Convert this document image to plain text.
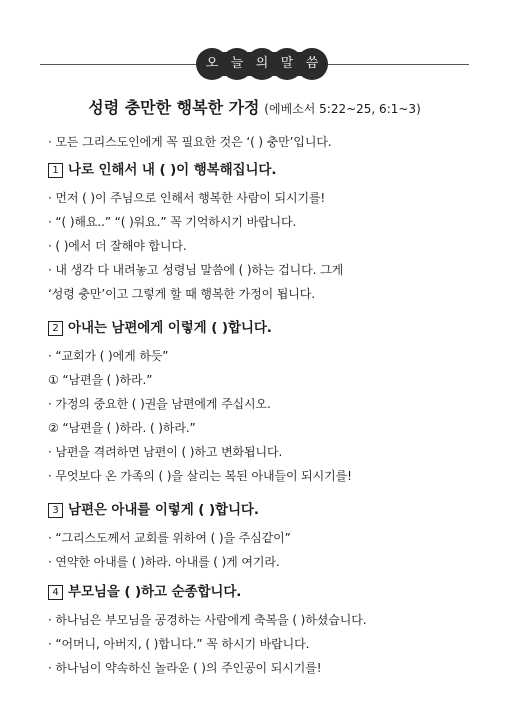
오 늘 의 말 씀
성령 충만한 행복한 가정 (에베소서 5:22~25, 6:1~3)
· 모든 그리스도인에게 꼭 필요한 것은 ‘( ) 충만’입니다.
1 나로 인해서 내 ( )이 행복해집니다.
· 먼저 ( )이 주님으로 인해서 행복한 사람이 되시기를!
· “( )해요..” “( )워요.” 꼭 기억하시기 바랍니다.
· ( )에서 더 잘해야 합니다.
· 내 생각 다 내려놓고 성령님 말씀에 ( )하는 겁니다. 그게
‘성령 충만’이고 그렇게 할 때 행복한 가정이 됩니다.
2 아내는 남편에게 이렇게 ( )합니다.
· “교회가 ( )에게 하듯”
① “남편을 ( )하라.”
· 가정의 중요한 ( )권을 남편에게 주십시오.
② “남편을 ( )하라. ( )하라.”
· 남편을 격려하면 남편이 ( )하고 변화됩니다.
· 무엇보다 온 가족의 ( )을 살리는 복된 아내들이 되시기를!
3 남편은 아내를 이렇게 ( )합니다.
· “그리스도께서 교회를 위하여 ( )을 주심같이”
· 연약한 아내를 ( )하라. 아내를 ( )게 여기라.
4 부모님을 ( )하고 순종합니다.
· 하나님은 부모님을 공경하는 사람에게 축복을 ( )하셨습니다.
· “어머니, 아버지, ( )합니다.” 꼭 하시기 바랍니다.
· 하나님이 약속하신 놀라운 ( )의 주인공이 되시기를!
